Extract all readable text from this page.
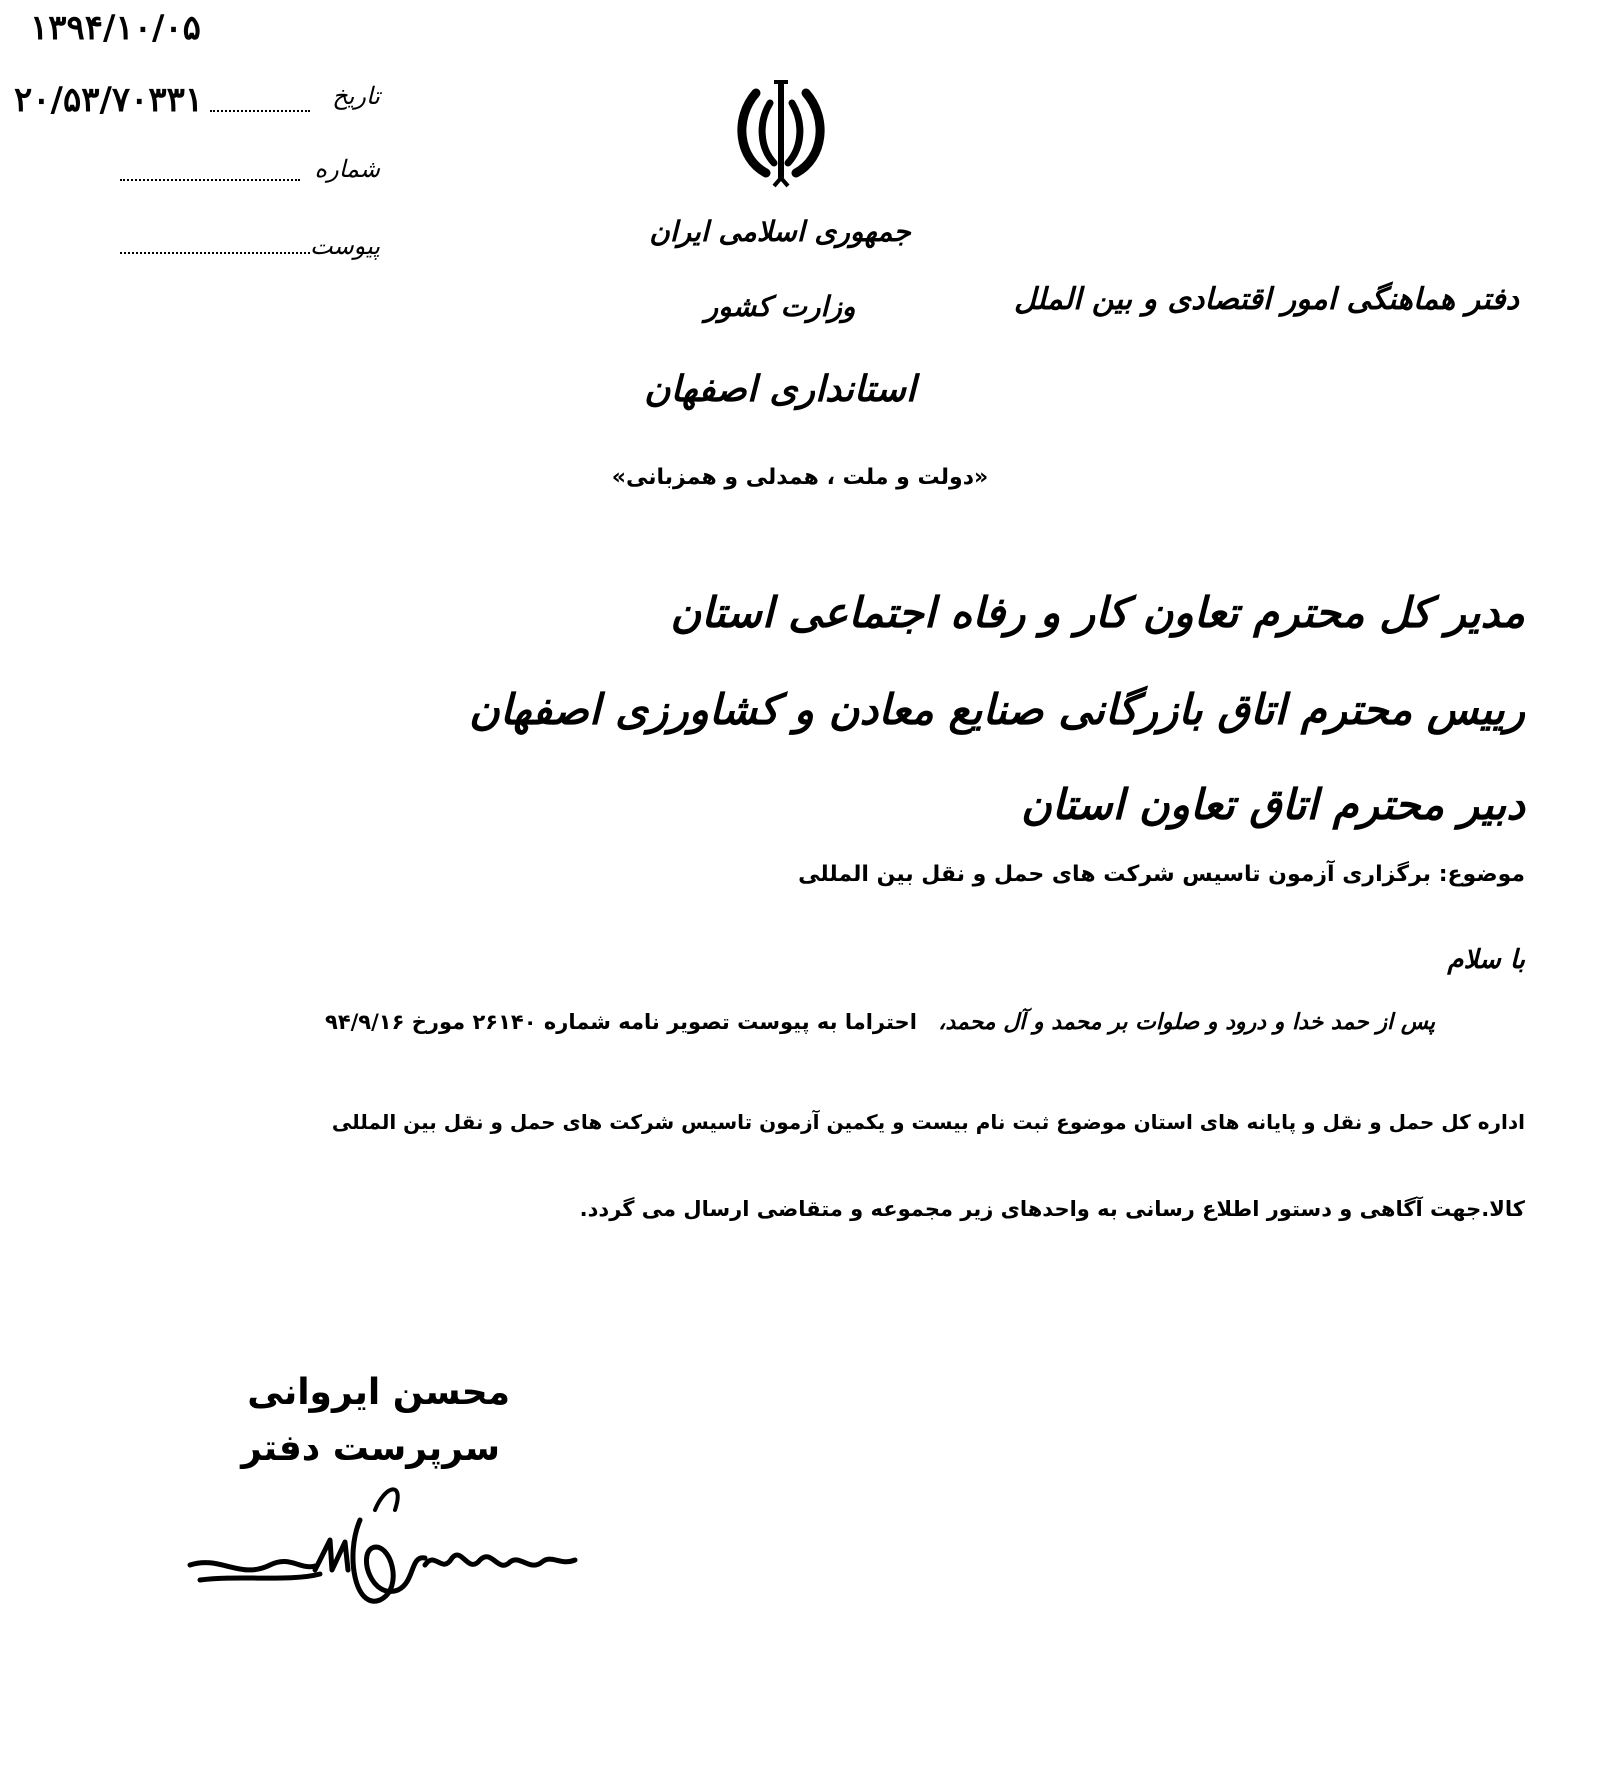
۱۳۹۴/۱۰/۰۵
۲۰/۵۳/۷۰۳۳۱	تاریخ
شماره
پیوست	جمهوری اسلامی ایران
وزارت کشور
استانداری اصفهان
دفتر هماهنگی امور اقتصادی و بین الملل
«دولت و ملت ، همدلی و همزبانی»
مدیر کل محترم تعاون کار و رفاه اجتماعی استان
رییس محترم اتاق بازرگانی صنایع معادن و کشاورزی اصفهان
دبیر محترم اتاق تعاون استان
موضوع: برگزاری آزمون تاسیس شرکت های حمل و نقل بین المللی
با سلام
پس از حمد خدا و درود و صلوات بر محمد و آل محمد، احتراما به پیوست تصویر نامه شماره ۲۶۱۴۰ مورخ ۹۴/۹/۱۶
اداره کل حمل و نقل و پایانه های استان موضوع ثبت نام بیست و یکمین آزمون تاسیس شرکت های حمل و نقل بین المللی
کالا.جهت آگاهی و دستور اطلاع رسانی به واحدهای زیر مجموعه و متقاضی ارسال می گردد.
محسن ایروانی
سرپرست دفتر
